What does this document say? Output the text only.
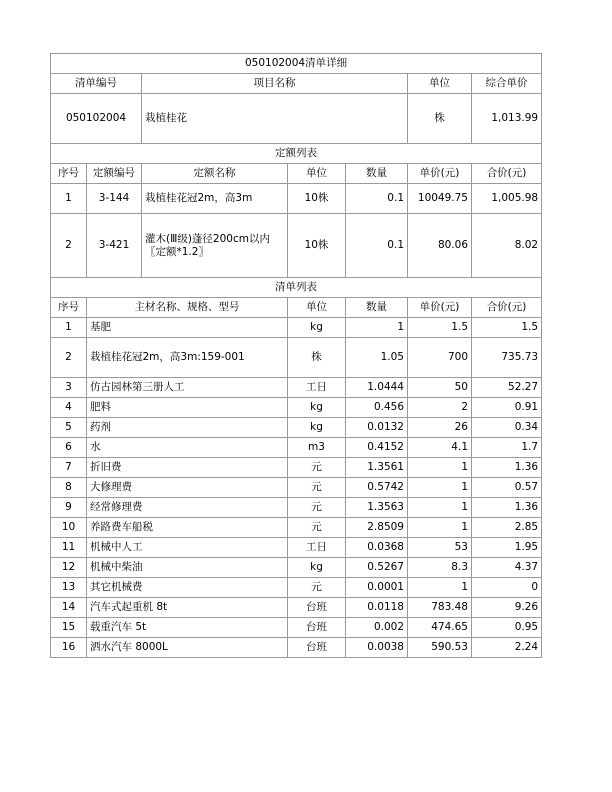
050102004清单详细						
清单编号		项目名称			单位	综合单价
050102004		栽植桂花			株	1,013.99
定额列表						
序号	定额编号	定额名称	单位	数量	单价(元)	合价(元)
1	3-144	栽植桂花冠2m，高3m	10株	0.1	10049.75	1,005.98
2	3-421	灌木(Ⅲ级)蓬径200cm以内〖定额*1.2〗	10株	0.1	80.06	8.02
清单列表						
序号	主材名称、规格、型号		单位	数量	单价(元)	合价(元)
1	基肥		kg	1	1.5	1.5
2	栽植桂花冠2m，高3m:159-001		株	1.05	700	735.73
3	仿古园林第三册人工		工日	1.0444	50	52.27
4	肥料		kg	0.456	2	0.91
5	药剂		kg	0.0132	26	0.34
6	水		m3	0.4152	4.1	1.7
7	折旧费		元	1.3561	1	1.36
8	大修理费		元	0.5742	1	0.57
9	经常修理费		元	1.3563	1	1.36
10	养路费车船税		元	2.8509	1	2.85
11	机械中人工		工日	0.0368	53	1.95
12	机械中柴油		kg	0.5267	8.3	4.37
13	其它机械费		元	0.0001	1	0
14	汽车式起重机 8t		台班	0.0118	783.48	9.26
15	载重汽车 5t		台班	0.002	474.65	0.95
16	洒水汽车 8000L		台班	0.0038	590.53	2.24
